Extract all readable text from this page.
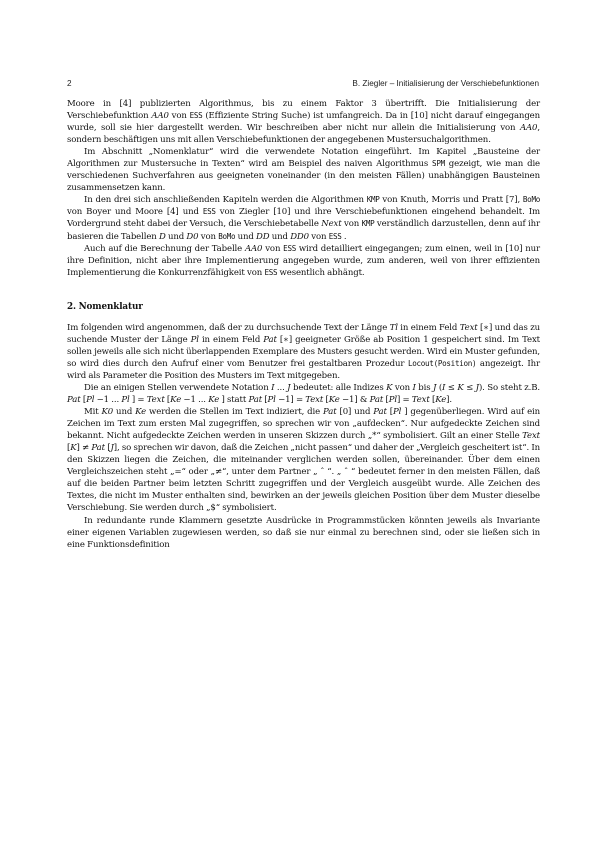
2	B. Ziegler – Initialisierung der Verschiebefunktionen

Moore in [4] publizierten Algorithmus, bis zu einem Faktor 3 übertrifft. Die Initialisierung der Verschiebefunktion AA0 von ESS (Effiziente String Suche) ist umfangreich. Da in [10] nicht darauf eingegangen wurde, soll sie hier dargestellt werden. Wir beschreiben aber nicht nur allein die Initialisierung von AA0, sondern beschäftigen uns mit allen Verschiebefunktionen der angegebenen Mustersuchalgorithmen.

Im Abschnitt „Nomenklatur“ wird die verwendete Notation eingeführt. Im Kapitel „Bausteine der Algorithmen zur Mustersuche in Texten“ wird am Beispiel des naiven Algorithmus SPM gezeigt, wie man die verschiedenen Suchverfahren aus geeigneten voneinander (in den meisten Fällen) unabhängigen Bausteinen zusammensetzen kann.

In den drei sich anschließenden Kapiteln werden die Algorithmen KMP von Knuth, Morris und Pratt [7], BoMo von Boyer und Moore [4] und ESS von Ziegler [10] und ihre Verschiebefunktionen eingehend behandelt. Im Vordergrund steht dabei der Versuch, die Verschiebetabelle Next von KMP verständlich darzustellen, denn auf ihr basieren die Tabellen D und D0 von BoMo und DD und DD0 von ESS .

Auch auf die Berechnung der Tabelle AA0 von ESS wird detailliert eingegangen; zum einen, weil in [10] nur ihre Definition, nicht aber ihre Implementierung angegeben wurde, zum anderen, weil von ihrer effizienten Implementierung die Konkurrenzfähigkeit von ESS wesentlich abhängt.

2. Nomenklatur

Im folgenden wird angenommen, daß der zu durchsuchende Text der Länge Tl in einem Feld Text [∗] und das zu suchende Muster der Länge Pl in einem Feld Pat [∗] geeigneter Größe ab Position 1 gespeichert sind. Im Text sollen jeweils alle sich nicht überlappenden Exemplare des Musters gesucht werden. Wird ein Muster gefunden, so wird dies durch den Aufruf einer vom Benutzer frei gestaltbaren Prozedur Locout(Position) angezeigt. Ihr wird als Parameter die Position des Musters im Text mitgegeben.

Die an einigen Stellen verwendete Notation I ... J bedeutet: alle Indizes K von I bis J (I ≤ K ≤ J). So steht z.B. Pat [Pl −1 ... Pl ] = Text [Ke −1 ... Ke ] statt Pat [Pl −1] = Text [Ke −1] & Pat [Pl] = Text [Ke].

Mit K0 und Ke werden die Stellen im Text indiziert, die Pat [0] und Pat [Pl ] gegenüberliegen. Wird auf ein Zeichen im Text zum ersten Mal zugegriffen, so sprechen wir von „aufdecken“. Nur aufgedeckte Zeichen sind bekannt. Nicht aufgedeckte Zeichen werden in unseren Skizzen durch „*“ symbolisiert. Gilt an einer Stelle Text [K] ≠ Pat [J], so sprechen wir davon, daß die Zeichen „nicht passen“ und daher der „Vergleich gescheitert ist“. In den Skizzen liegen die Zeichen, die miteinander verglichen werden sollen, übereinander. Über dem einen Vergleichszeichen steht „=“ oder „≠“, unter dem Partner „ ˆ “. „ ˆ “ bedeutet ferner in den meisten Fällen, daß auf die beiden Partner beim letzten Schritt zugegriffen und der Vergleich ausgeübt wurde. Alle Zeichen des Textes, die nicht im Muster enthalten sind, bewirken an der jeweils gleichen Position über dem Muster dieselbe Verschiebung. Sie werden durch „$“ symbolisiert.

In redundante runde Klammern gesetzte Ausdrücke in Programmstücken könnten jeweils als Invariante einer eigenen Variablen zugewiesen werden, so daß sie nur einmal zu berechnen sind, oder sie ließen sich in eine Funktionsdefinition
